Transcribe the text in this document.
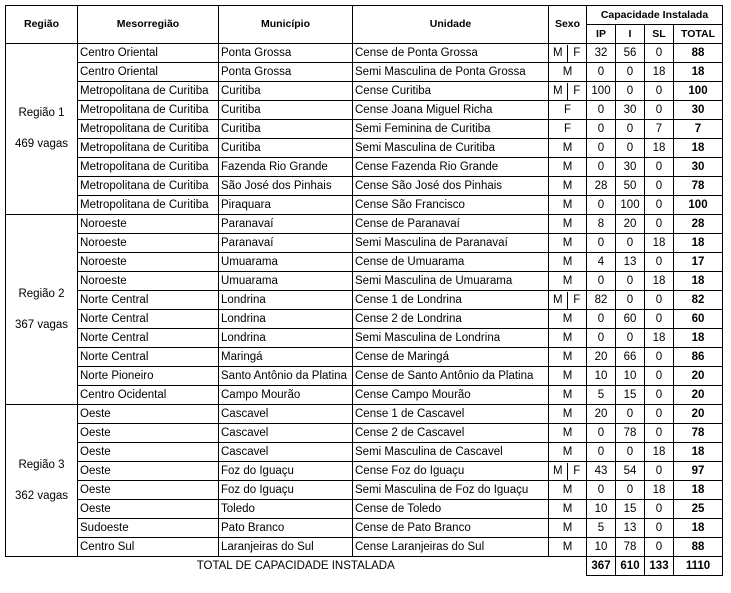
Região	Mesorregião	Município	Unidade	Sexo	Capacidade Instalada			
					IP	I	SL	TOTAL

Região 1
469 vagas	Centro Oriental	Ponta Grossa	Cense de Ponta Grossa	M F	32	56	0	88
	Centro Oriental	Ponta Grossa	Semi Masculina de Ponta Grossa	M	0	0	18	18
	Metropolitana de Curitiba	Curitiba	Cense Curitiba	M F	100	0	0	100
	Metropolitana de Curitiba	Curitiba	Cense Joana Miguel Richa	F	0	30	0	30
	Metropolitana de Curitiba	Curitiba	Semi Feminina de Curitiba	F	0	0	7	7
	Metropolitana de Curitiba	Curitiba	Semi Masculina de Curitiba	M	0	0	18	18
	Metropolitana de Curitiba	Fazenda Rio Grande	Cense Fazenda Rio Grande	M	0	30	0	30
	Metropolitana de Curitiba	São José dos Pinhais	Cense São José dos Pinhais	M	28	50	0	78
	Metropolitana de Curitiba	Piraquara	Cense São Francisco	M	0	100	0	100

Região 2
367 vagas	Noroeste	Paranavaí	Cense de Paranavaí	M	8	20	0	28
	Noroeste	Paranavaí	Semi Masculina de Paranavaí	M	0	0	18	18
	Noroeste	Umuarama	Cense de Umuarama	M	4	13	0	17
	Noroeste	Umuarama	Semi Masculina de Umuarama	M	0	0	18	18
	Norte Central	Londrina	Cense 1 de Londrina	M F	82	0	0	82
	Norte Central	Londrina	Cense 2 de Londrina	M	0	60	0	60
	Norte Central	Londrina	Semi Masculina de Londrina	M	0	0	18	18
	Norte Central	Maringá	Cense de Maringá	M	20	66	0	86
	Norte Pioneiro	Santo Antônio da Platina	Cense de Santo Antônio da Platina	M	10	10	0	20
	Centro Ocidental	Campo Mourão	Cense Campo Mourão	M	5	15	0	20

Região 3
362 vagas	Oeste	Cascavel	Cense 1 de Cascavel	M	20	0	0	20
	Oeste	Cascavel	Cense 2 de Cascavel	M	0	78	0	78
	Oeste	Cascavel	Semi Masculina de Cascavel	M	0	0	18	18
	Oeste	Foz do Iguaçu	Cense Foz do Iguaçu	M F	43	54	0	97
	Oeste	Foz do Iguaçu	Semi Masculina de Foz do Iguaçu	M	0	0	18	18
	Oeste	Toledo	Cense de Toledo	M	10	15	0	25
	Sudoeste	Pato Branco	Cense de Pato Branco	M	5	13	0	18
	Centro Sul	Laranjeiras do Sul	Cense Laranjeiras do Sul	M	10	78	0	88
TOTAL DE CAPACIDADE INSTALADA					367	610	133	1110
